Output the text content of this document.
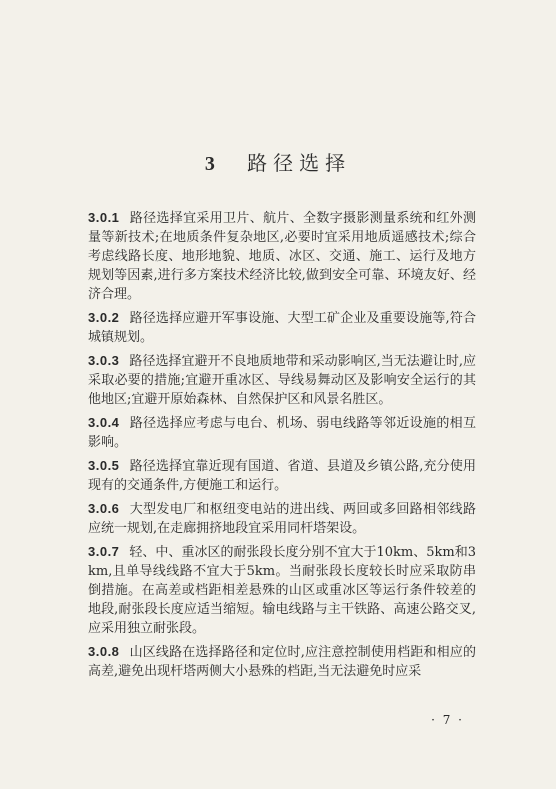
3 路径选择

3.0.1 路径选择宜采用卫片、航片、全数字摄影测量系统和红外测量等新技术;在地质条件复杂地区,必要时宜采用地质遥感技术;综合考虑线路长度、地形地貌、地质、冰区、交通、施工、运行及地方规划等因素,进行多方案技术经济比较,做到安全可靠、环境友好、经济合理。

3.0.2 路径选择应避开军事设施、大型工矿企业及重要设施等,符合城镇规划。

3.0.3 路径选择宜避开不良地质地带和采动影响区,当无法避让时,应采取必要的措施;宜避开重冰区、导线易舞动区及影响安全运行的其他地区;宜避开原始森林、自然保护区和风景名胜区。

3.0.4 路径选择应考虑与电台、机场、弱电线路等邻近设施的相互影响。

3.0.5 路径选择宜靠近现有国道、省道、县道及乡镇公路,充分使用现有的交通条件,方便施工和运行。

3.0.6 大型发电厂和枢纽变电站的进出线、两回或多回路相邻线路应统一规划,在走廊拥挤地段宜采用同杆塔架设。

3.0.7 轻、中、重冰区的耐张段长度分别不宜大于10km、5km和3km,且单导线线路不宜大于5km。当耐张段长度较长时应采取防串倒措施。在高差或档距相差悬殊的山区或重冰区等运行条件较差的地段,耐张段长度应适当缩短。输电线路与主干铁路、高速公路交叉,应采用独立耐张段。

3.0.8 山区线路在选择路径和定位时,应注意控制使用档距和相应的高差,避免出现杆塔两侧大小悬殊的档距,当无法避免时应采

· 7 ·
